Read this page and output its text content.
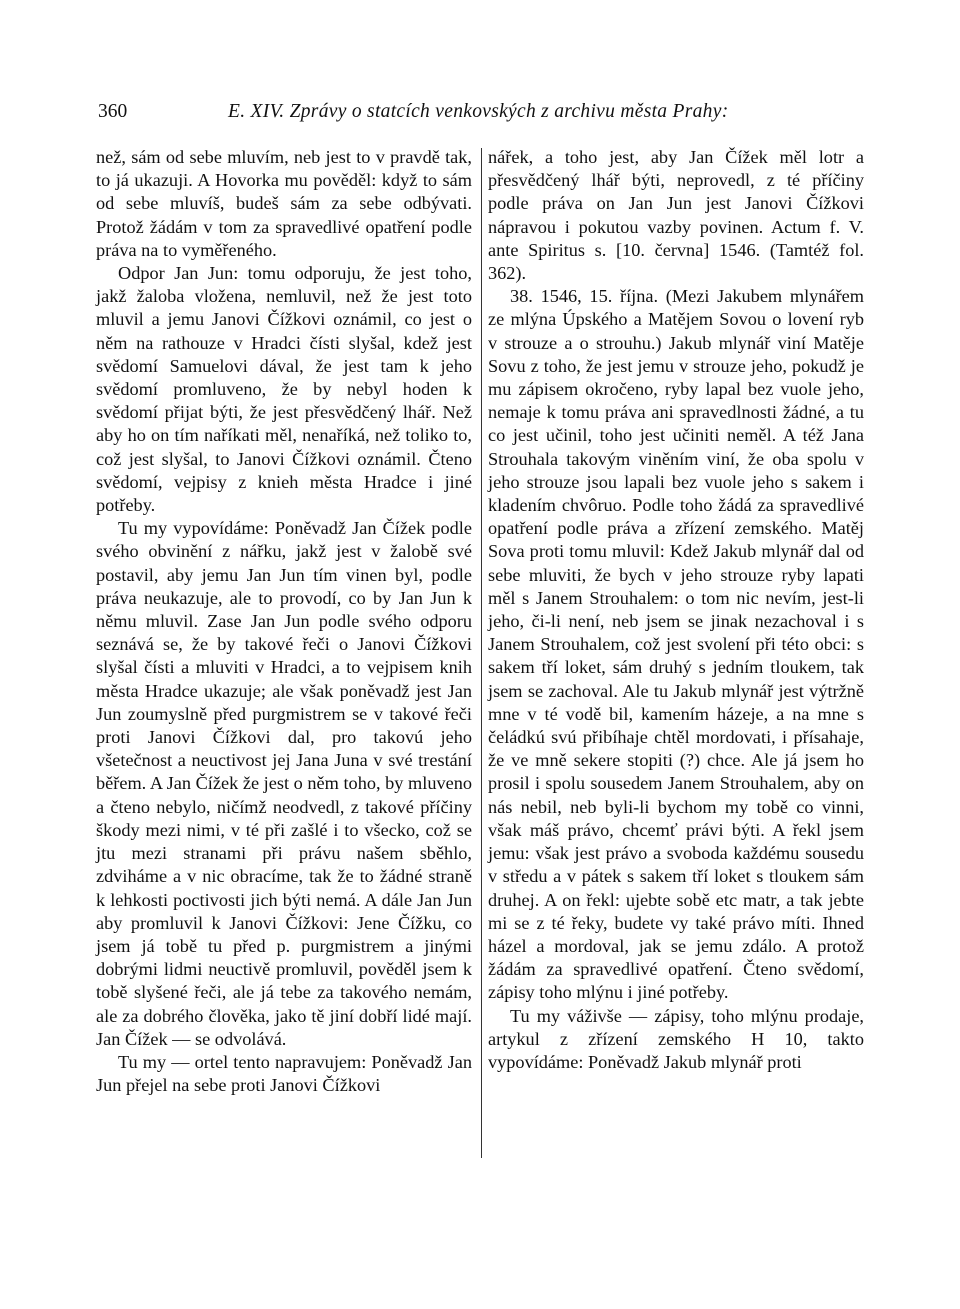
360	E. XIV. Zprávy o statcích venkovských z archivu města Prahy:

než, sám od sebe mluvím, neb jest to v pravdě tak, to já ukazuji. A Hovorka mu pověděl: když to sám od sebe mluvíš, budeš sám za sebe odbývati. Protož žádám v tom za spravedlivé opatření podle práva na to vyměřeného.

Odpor Jan Jun: tomu odporuju, že jest toho, jakž žaloba vložena, nemluvil, než že jest toto mluvil a jemu Janovi Čížkovi oznámil, co jest o něm na rathouze v Hradci čísti slyšal, kdež jest svědomí Samuelovi dával, že jest tam k jeho svědomí promluveno, že by nebyl hoden k svědomí přijat býti, že jest přesvědčený lhář. Než aby ho on tím naříkati měl, nenaříká, než toliko to, což jest slyšal, to Janovi Čížkovi oznámil. Čteno svědomí, vejpisy z knieh města Hradce i jiné potřeby.

Tu my vypovídáme: Poněvadž Jan Čížek podle svého obvinění z nářku, jakž jest v žalobě své postavil, aby jemu Jan Jun tím vinen byl, podle práva neukazuje, ale to provodí, co by Jan Jun k němu mluvil. Zase Jan Jun podle svého odporu seznává se, že by takové řeči o Janovi Čížkovi slyšal čísti a mluviti v Hradci, a to vejpisem knih města Hradce ukazuje; ale však poněvadž jest Jan Jun zoumyslně před purgmistrem se v takové řeči proti Janovi Čížkovi dal, pro takovú jeho všetečnost a neuctivost jej Jana Juna v své trestání běřem. A Jan Čížek že jest o něm toho, by mluveno a čteno nebylo, ničímž neodvedl, z takové příčiny škody mezi nimi, v té při zašlé i to všecko, což se jtu mezi stranami při právu našem sběhlo, zdviháme a v nic obracíme, tak že to žádné straně k lehkosti poctivosti jich býti nemá. A dále Jan Jun aby promluvil k Janovi Čížkovi: Jene Čížku, co jsem já tobě tu před p. purgmistrem a jinými dobrými lidmi neuctivě promluvil, pověděl jsem k tobě slyšené řeči, ale já tebe za takového nemám, ale za dobrého člověka, jako tě jiní dobří lidé mají. Jan Čížek — se odvolává.

Tu my — ortel tento napravujem: Poněvadž Jan Jun přejel na sebe proti Janovi Čížkovi

nářek, a toho jest, aby Jan Čížek měl lotr a přesvědčený lhář býti, neprovedl, z té příčiny podle práva on Jan Jun jest Janovi Čížkovi nápravou i pokutou vazby povinen. Actum f. V. ante Spiritus s. [10. června] 1546. (Tamtéž fol. 362).

38. 1546, 15. října. (Mezi Jakubem mlynářem ze mlýna Úpského a Matějem Sovou o lovení ryb v strouze a o strouhu.) Jakub mlynář viní Matěje Sovu z toho, že jest jemu v strouze jeho, pokudž je mu zápisem okročeno, ryby lapal bez vuole jeho, nemaje k tomu práva ani spravedlnosti žádné, a tu co jest učinil, toho jest učiniti neměl. A též Jana Strouhala takovým viněním viní, že oba spolu v jeho strouze jsou lapali bez vuole jeho s sakem i kladením chvôruo. Podle toho žádá za spravedlivé opatření podle práva a zřízení zemského. Matěj Sova proti tomu mluvil: Kdež Jakub mlynář dal od sebe mluviti, že bych v jeho strouze ryby lapati měl s Janem Strouhalem: o tom nic nevím, jest-li jeho, či-li není, neb jsem se jinak nezachoval i s Janem Strouhalem, což jest svolení při této obci: s sakem tří loket, sám druhý s jedním tloukem, tak jsem se zachoval. Ale tu Jakub mlynář jest výtržně mne v té vodě bil, kamením házeje, a na mne s čeládkú svú přibíhaje chtěl mordovati, i přísahaje, že ve mně sekere stopiti (?) chce. Ale já jsem ho prosil i spolu sousedem Janem Strouhalem, aby on nás nebil, neb byli-li bychom my tobě co vinni, však máš právo, chcemť právi býti. A řekl jsem jemu: však jest právo a svoboda každému sousedu v středu a v pátek s sakem tří loket s tloukem sám druhej. A on řekl: ujebte sobě etc matr, a tak jebte mi se z té řeky, budete vy také právo míti. Ihned házel a mordoval, jak se jemu zdálo. A protož žádám za spravedlivé opatření. Čteno svědomí, zápisy toho mlýnu i jiné potřeby.

Tu my váživše — zápisy, toho mlýnu prodaje, artykul z zřízení zemského H 10, takto vypovídáme: Poněvadž Jakub mlynář proti
